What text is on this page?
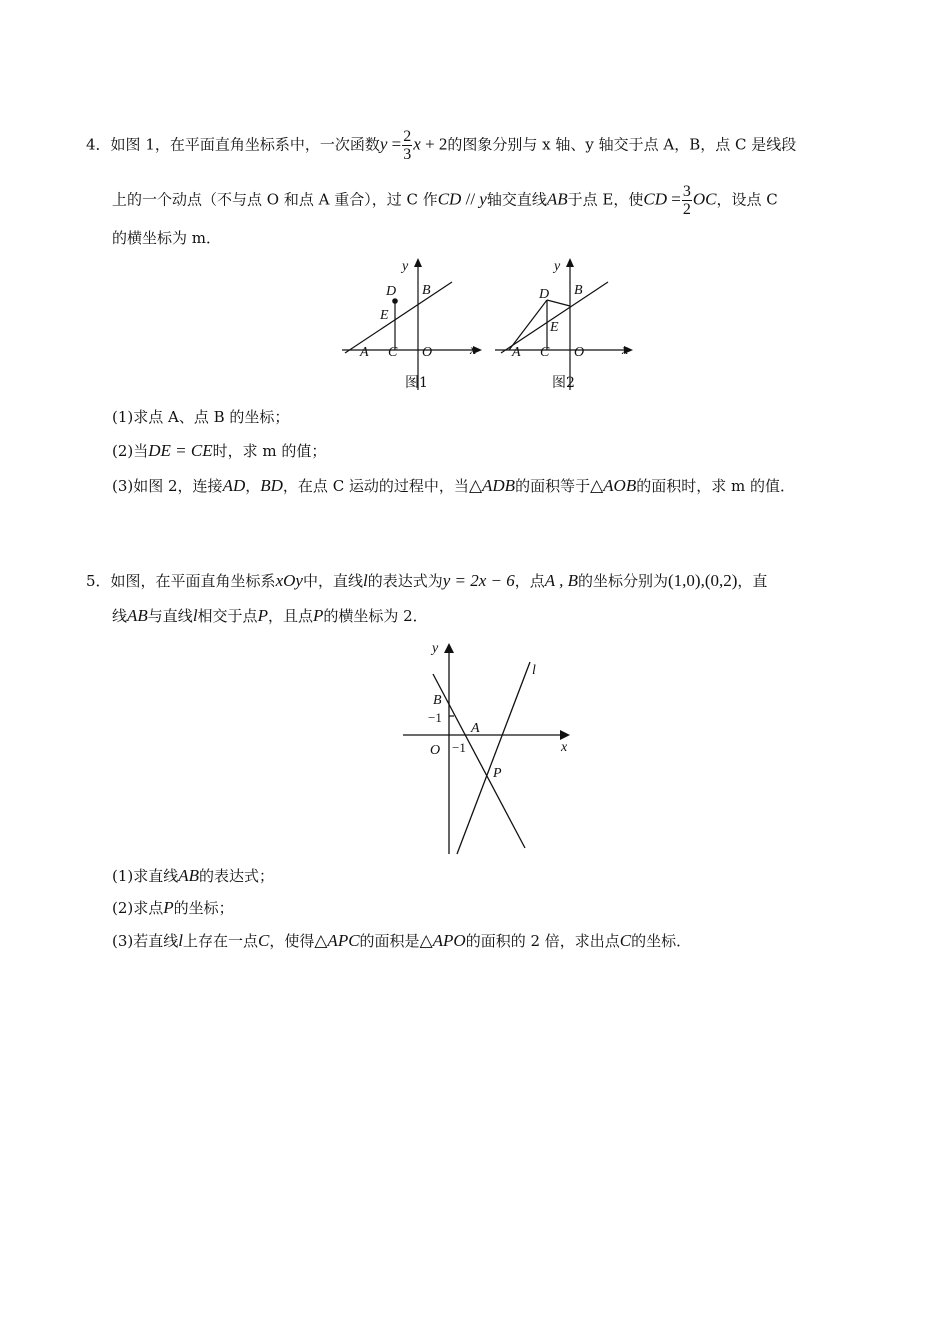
4．如图 1，在平面直角坐标系中，一次函数$y = \frac{2}{3}$ x + 2的图象分别与 x 轴、y 轴交于点 A，B，点 C 是线段
上的一个动点（不与点 O 和点 A 重合），过 C 作CD // y轴交直线AB于点 E，使CD = $\frac{3}{2}$ OC，设点 C
的横坐标为 m．
y
x
A C O
B
D
E
图1
y
x
A C O
B
D
E
图2
(1)求点 A、点 B 的坐标；
(2)当DE = CE时，求 m 的值；
(3)如图 2，连接AD，BD，在点 C 运动的过程中，当△ADB的面积等于△AOB的面积时，求 m 的值．
5．如图，在平面直角坐标系xOy中，直线l的表达式为y = 2x − 6，点A , B的坐标分别为(1,0),(0,2)，直
线AB与直线l相交于点P，且点P的横坐标为 2．
y
x
O
B
A
P
l
−1
−1
(1)求直线AB的表达式；
(2)求点P的坐标；
(3)若直线l上存在一点C，使得△APC的面积是△APO的面积的 2 倍，求出点C的坐标．
